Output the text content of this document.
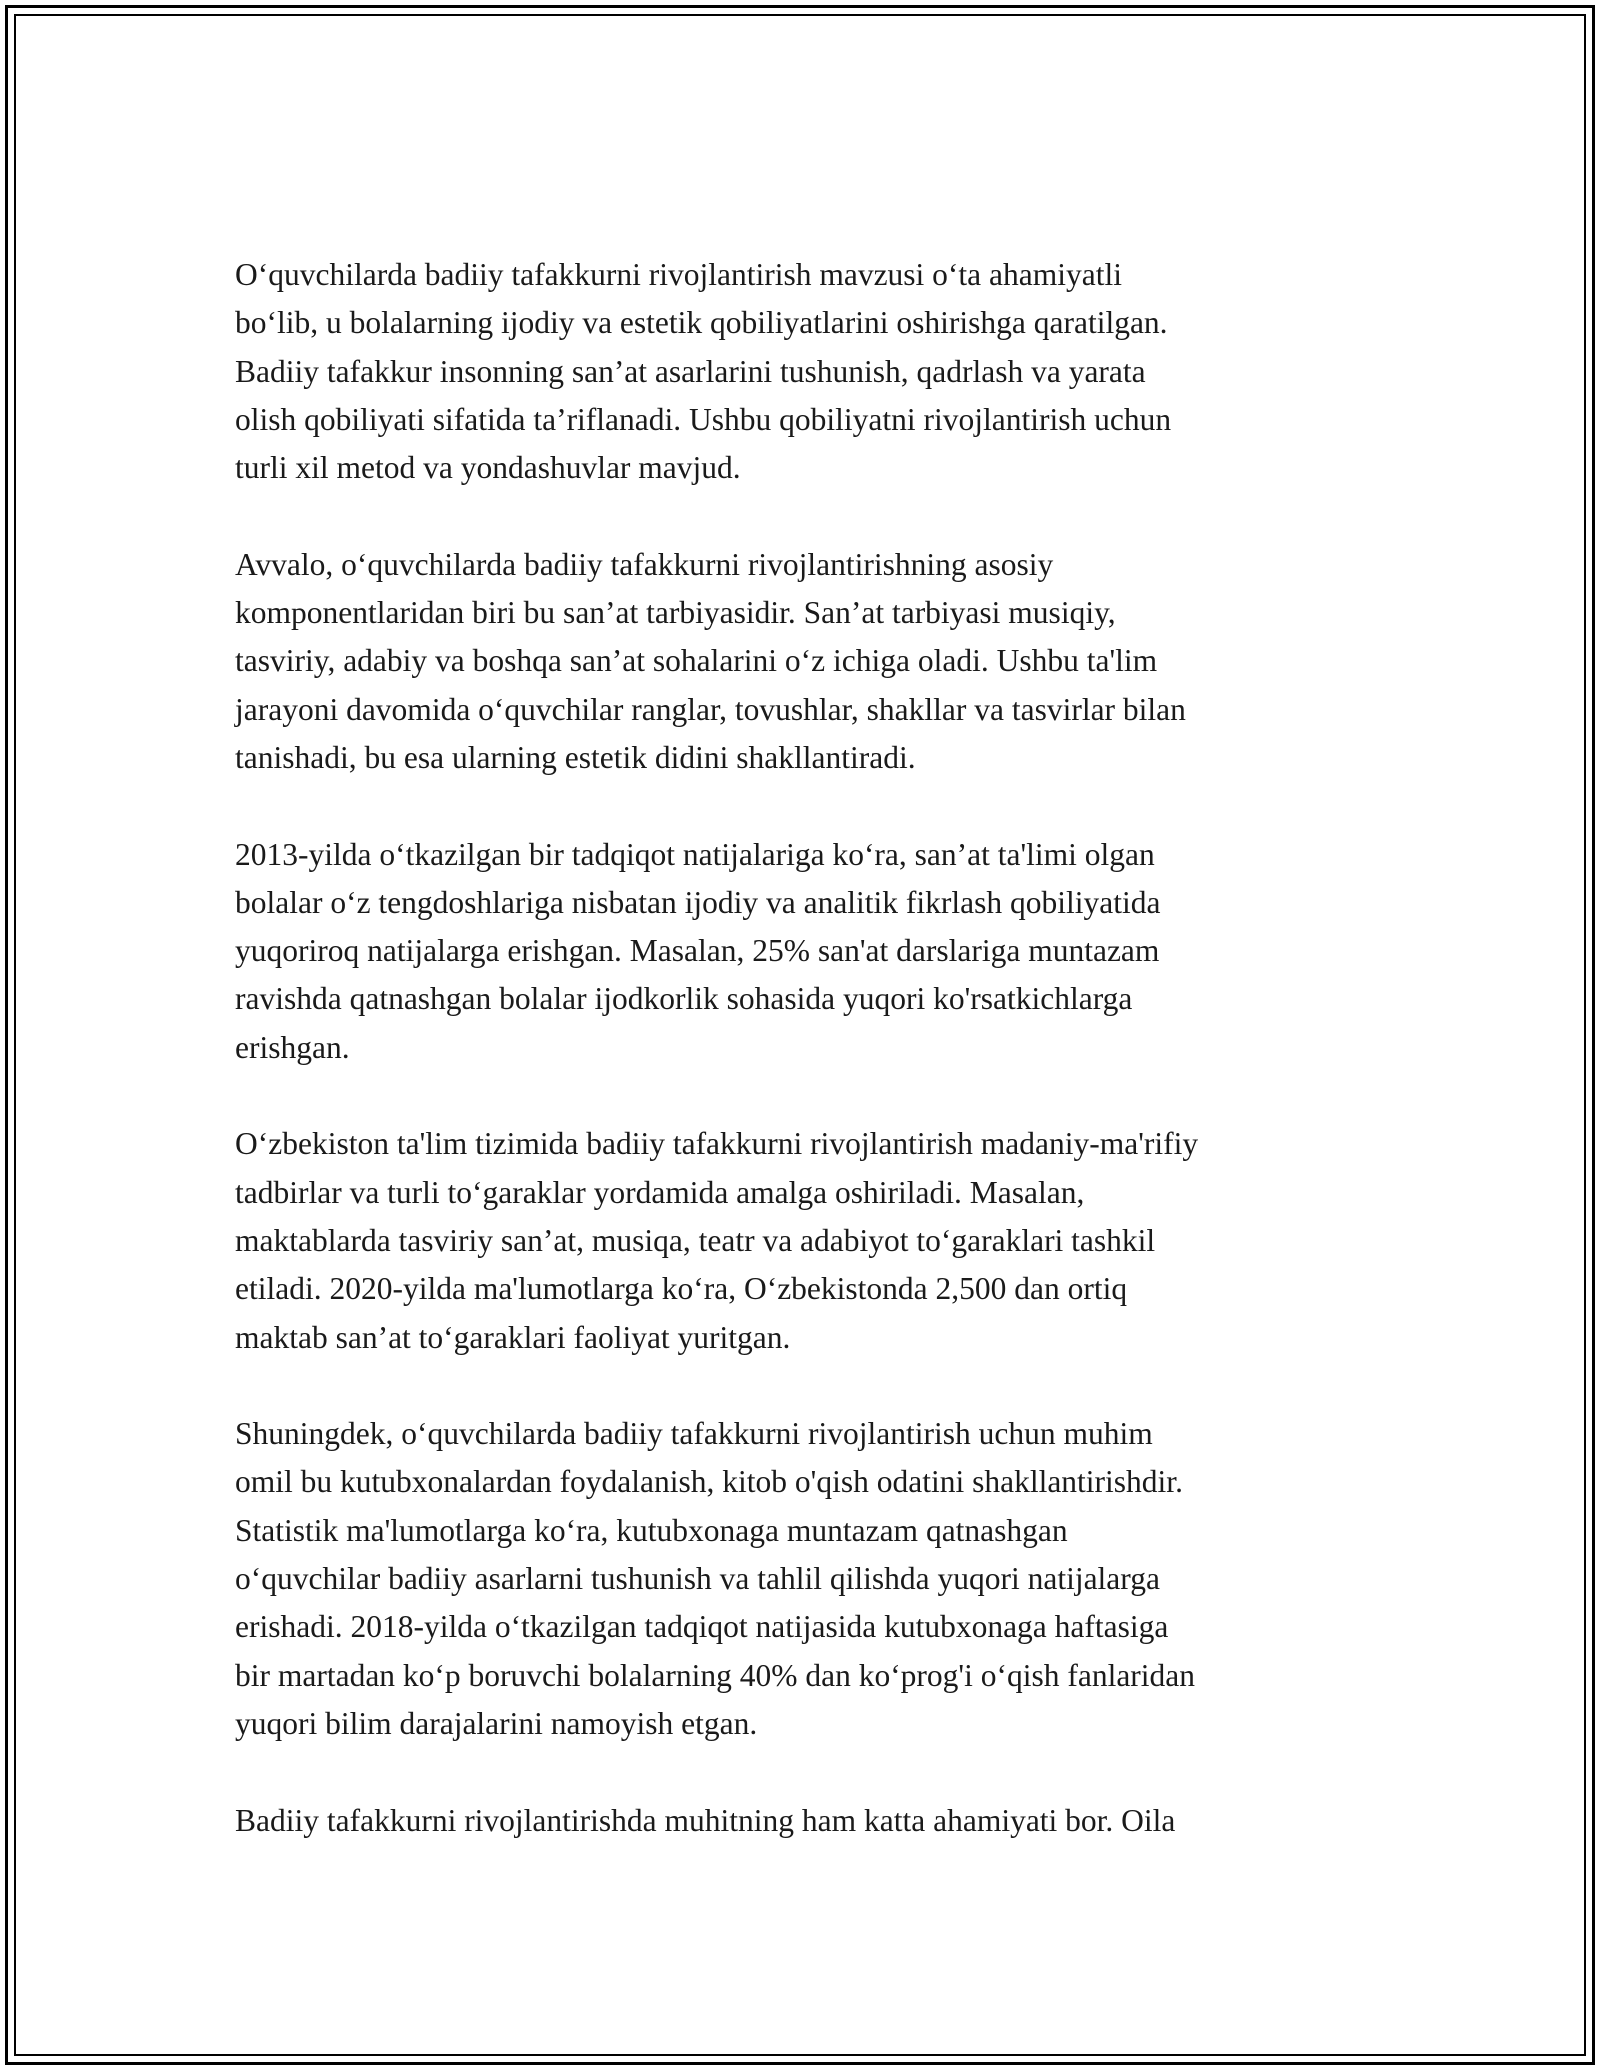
O‘quvchilarda badiiy tafakkurni rivojlantirish mavzusi o‘ta ahamiyatli
bo‘lib, u bolalarning ijodiy va estetik qobiliyatlarini oshirishga qaratilgan.
Badiiy tafakkur insonning san’at asarlarini tushunish, qadrlash va yarata
olish qobiliyati sifatida ta’riflanadi. Ushbu qobiliyatni rivojlantirish uchun
turli xil metod va yondashuvlar mavjud.

Avvalo, o‘quvchilarda badiiy tafakkurni rivojlantirishning asosiy
komponentlaridan biri bu san’at tarbiyasidir. San’at tarbiyasi musiqiy,
tasviriy, adabiy va boshqa san’at sohalarini o‘z ichiga oladi. Ushbu ta'lim
jarayoni davomida o‘quvchilar ranglar, tovushlar, shakllar va tasvirlar bilan
tanishadi, bu esa ularning estetik didini shakllantiradi.

2013-yilda o‘tkazilgan bir tadqiqot natijalariga ko‘ra, san’at ta'limi olgan
bolalar o‘z tengdoshlariga nisbatan ijodiy va analitik fikrlash qobiliyatida
yuqoriroq natijalarga erishgan. Masalan, 25% san'at darslariga muntazam
ravishda qatnashgan bolalar ijodkorlik sohasida yuqori ko'rsatkichlarga
erishgan.

O‘zbekiston ta'lim tizimida badiiy tafakkurni rivojlantirish madaniy-ma'rifiy
tadbirlar va turli to‘garaklar yordamida amalga oshiriladi. Masalan,
maktablarda tasviriy san’at, musiqa, teatr va adabiyot to‘garaklari tashkil
etiladi. 2020-yilda ma'lumotlarga ko‘ra, O‘zbekistonda 2,500 dan ortiq
maktab san’at to‘garaklari faoliyat yuritgan.

Shuningdek, o‘quvchilarda badiiy tafakkurni rivojlantirish uchun muhim
omil bu kutubxonalardan foydalanish, kitob o'qish odatini shakllantirishdir.
Statistik ma'lumotlarga ko‘ra, kutubxonaga muntazam qatnashgan
o‘quvchilar badiiy asarlarni tushunish va tahlil qilishda yuqori natijalarga
erishadi. 2018-yilda o‘tkazilgan tadqiqot natijasida kutubxonaga haftasiga
bir martadan ko‘p boruvchi bolalarning 40% dan ko‘prog'i o‘qish fanlaridan
yuqori bilim darajalarini namoyish etgan.

Badiiy tafakkurni rivojlantirishda muhitning ham katta ahamiyati bor. Oila
